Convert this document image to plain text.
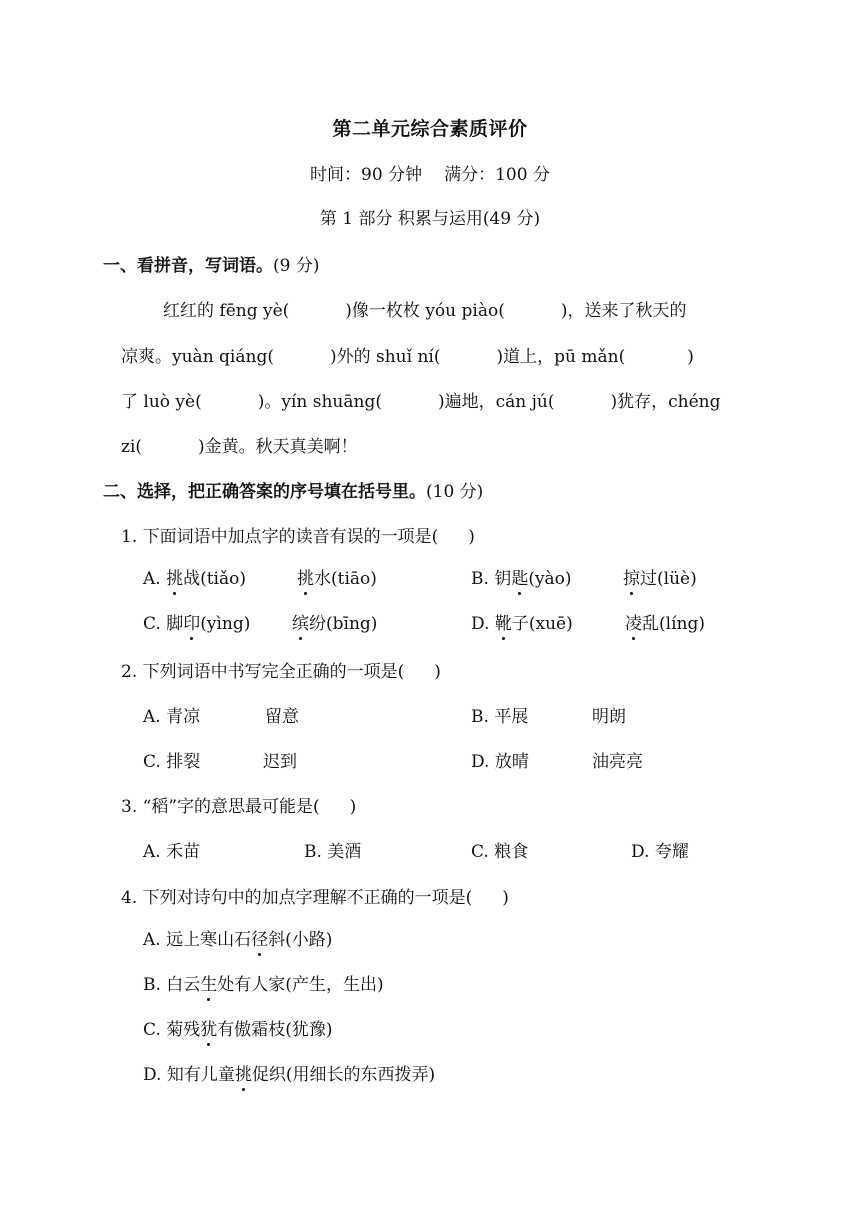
第二单元综合素质评价
时间：90 分钟 满分：100 分
第 1 部分 积累与运用(49 分)
一、看拼音，写词语。(9 分)
红红的 fēng yè(	)像一枚枚 yóu piào(	)，送来了秋天的
凉爽。yuàn qiáng(	)外的 shuǐ ní(	)道上，pū mǎn(	)
了 luò yè(	)。yín shuāng(	)遍地，cán jú(	)犹存，chéng
zi(	)金黄。秋天真美啊！
二、选择，把正确答案的序号填在括号里。(10 分)
1. 下面词语中加点字的读音有误的一项是( )
A. 挑战(tiǎo)	挑水(tiāo)	B. 钥匙(yào)	掠过(lüè)
C. 脚印(yìng) 缤纷(bīng)	D. 靴子(xuē)	凌乱(líng)
2. 下列词语中书写完全正确的一项是( )
A. 青凉	留意	B. 平展	明朗
C. 排裂	迟到	D. 放晴	油亮亮
3. “稻”字的意思最可能是( )
A. 禾苗	B. 美酒	C. 粮食	D. 夸耀
4. 下列对诗句中的加点字理解不正确的一项是( )
A. 远上寒山石径斜(小路)
B. 白云生处有人家(产生，生出)
C. 菊残犹有傲霜枝(犹豫)
D. 知有儿童挑促织(用细长的东西拨弄)
